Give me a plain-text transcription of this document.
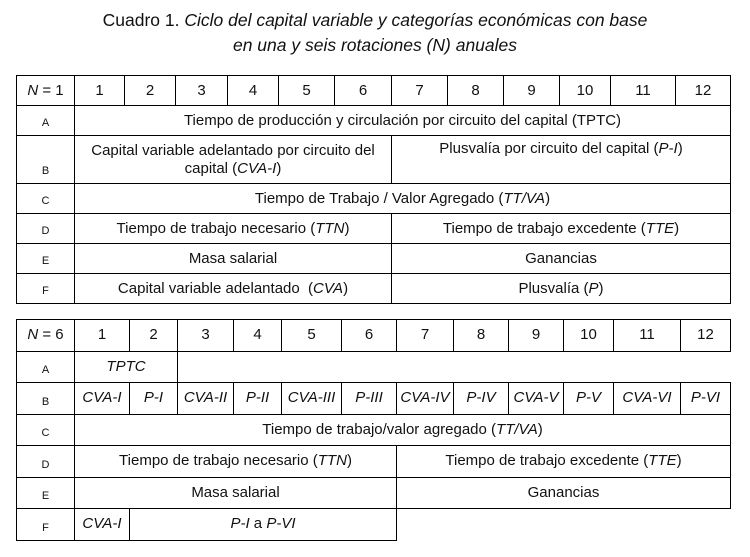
Cuadro 1. Ciclo del capital variable y categorías económicas con base
en una y seis rotaciones (N) anuales
N = 1	1	2	3	4	5	6	7	8	9	10	11	12
A	Tiempo de producción y circulación por circuito del capital (TPTC)											
B	Capital variable adelantado por circuito del capital (CVA-I)						Plusvalía por circuito del capital (P-I)					
C	Tiempo de Trabajo / Valor Agregado (TT/VA)											
D	Tiempo de trabajo necesario (TTN)						Tiempo de trabajo excedente (TTE)					
E	Masa salarial						Ganancias					
F	Capital variable adelantado  (CVA)						Plusvalía (P)					
N = 6	1	2	3	4	5	6	7	8	9	10	11	12
A	TPTC											
B	CVA-I	P-I	CVA-II	P-II	CVA-III	P-III	CVA-IV	P-IV	CVA-V	P-V	CVA-VI	P-VI
C	Tiempo de trabajo/valor agregado (TT/VA)											
D	Tiempo de trabajo necesario (TTN)						Tiempo de trabajo excedente (TTE)					
E	Masa salarial						Ganancias					
F	CVA-I	P-I a P-VI										
